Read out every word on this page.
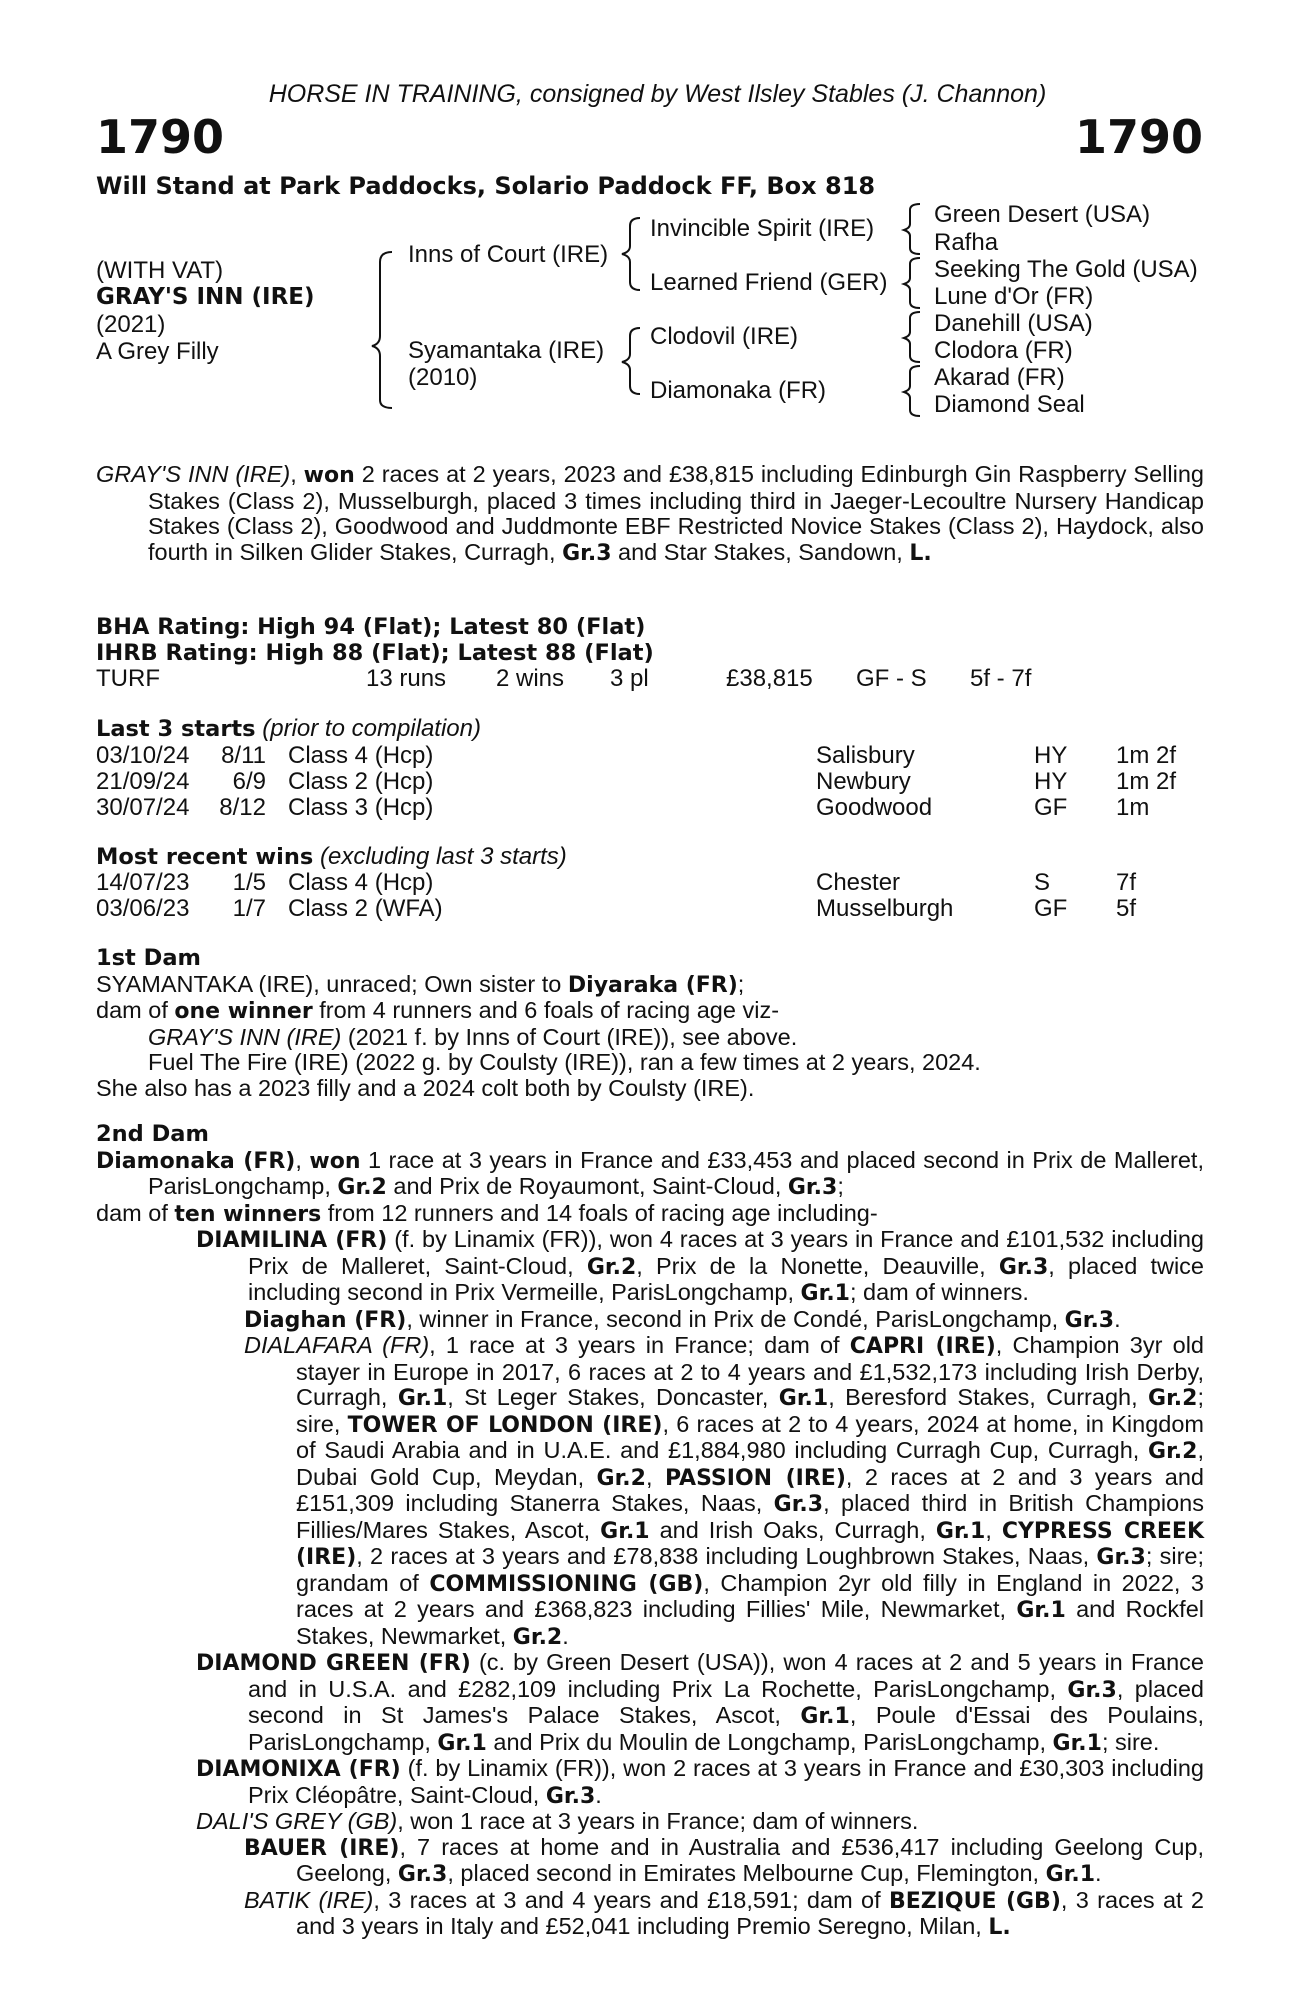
HORSE IN TRAINING, consigned by West Ilsley Stables (J. Channon)
1790	1790
Will Stand at Park Paddocks, Solario Paddock FF, Box 818
(WITH VAT)
GRAY'S INN (IRE)
(2021)
A Grey Filly
Inns of Court (IRE)
Syamantaka (IRE)
(2010)
Invincible Spirit (IRE)
Learned Friend (GER)
Clodovil (IRE)
Diamonaka (FR)
Green Desert (USA)
Rafha
Seeking The Gold (USA)
Lune d'Or (FR)
Danehill (USA)
Clodora (FR)
Akarad (FR)
Diamond Seal

GRAY'S INN (IRE), won 2 races at 2 years, 2023 and £38,815 including Edinburgh Gin Raspberry Selling Stakes (Class 2), Musselburgh, placed 3 times including third in Jaeger-Lecoultre Nursery Handicap Stakes (Class 2), Goodwood and Juddmonte EBF Restricted Novice Stakes (Class 2), Haydock, also fourth in Silken Glider Stakes, Curragh, Gr.3 and Star Stakes, Sandown, L.

BHA Rating: High 94 (Flat); Latest 80 (Flat)
IHRB Rating: High 88 (Flat); Latest 88 (Flat)
TURF	13 runs 2 wins 3 pl	£38,815 GF - S 5f - 7f
Last 3 starts (prior to compilation)
03/10/24 8/11 Class 4 (Hcp)	Salisbury	HY 1m 2f
21/09/24 6/9 Class 2 (Hcp)	Newbury	HY 1m 2f
30/07/24 8/12 Class 3 (Hcp)	Goodwood	GF 1m
Most recent wins (excluding last 3 starts)
14/07/23 1/5 Class 4 (Hcp)	Chester	S	7f
03/06/23 1/7 Class 2 (WFA)	Musselburgh	GF 5f
1st Dam
SYAMANTAKA (IRE), unraced; Own sister to Diyaraka (FR);
dam of one winner from 4 runners and 6 foals of racing age viz-
GRAY'S INN (IRE) (2021 f. by Inns of Court (IRE)), see above.
Fuel The Fire (IRE) (2022 g. by Coulsty (IRE)), ran a few times at 2 years, 2024.
She also has a 2023 filly and a 2024 colt both by Coulsty (IRE).
2nd Dam

Diamonaka (FR), won 1 race at 3 years in France and £33,453 and placed second in Prix de Malleret, ParisLongchamp, Gr.2 and Prix de Royaumont, Saint-Cloud, Gr.3;

dam of ten winners from 12 runners and 14 foals of racing age including-

DIAMILINA (FR) (f. by Linamix (FR)), won 4 races at 3 years in France and £101,532 including Prix de Malleret, Saint-Cloud, Gr.2, Prix de la Nonette, Deauville, Gr.3, placed twice including second in Prix Vermeille, ParisLongchamp, Gr.1; dam of winners.

Diaghan (FR), winner in France, second in Prix de Condé, ParisLongchamp, Gr.3.

DIALAFARA (FR), 1 race at 3 years in France; dam of CAPRI (IRE), Champion 3yr old stayer in Europe in 2017, 6 races at 2 to 4 years and £1,532,173 including Irish Derby, Curragh, Gr.1, St Leger Stakes, Doncaster, Gr.1, Beresford Stakes, Curragh, Gr.2; sire, TOWER OF LONDON (IRE), 6 races at 2 to 4 years, 2024 at home, in Kingdom of Saudi Arabia and in U.A.E. and £1,884,980 including Curragh Cup, Curragh, Gr.2, Dubai Gold Cup, Meydan, Gr.2, PASSION (IRE), 2 races at 2 and 3 years and £151,309 including Stanerra Stakes, Naas, Gr.3, placed third in British Champions Fillies/Mares Stakes, Ascot, Gr.1 and Irish Oaks, Curragh, Gr.1, CYPRESS CREEK (IRE), 2 races at 3 years and £78,838 including Loughbrown Stakes, Naas, Gr.3; sire; grandam of COMMISSIONING (GB), Champion 2yr old filly in England in 2022, 3 races at 2 years and £368,823 including Fillies' Mile, Newmarket, Gr.1 and Rockfel Stakes, Newmarket, Gr.2.

DIAMOND GREEN (FR) (c. by Green Desert (USA)), won 4 races at 2 and 5 years in France and in U.S.A. and £282,109 including Prix La Rochette, ParisLongchamp, Gr.3, placed second in St James's Palace Stakes, Ascot, Gr.1, Poule d'Essai des Poulains, ParisLongchamp, Gr.1 and Prix du Moulin de Longchamp, ParisLongchamp, Gr.1; sire.

DIAMONIXA (FR) (f. by Linamix (FR)), won 2 races at 3 years in France and £30,303 including Prix Cléopâtre, Saint-Cloud, Gr.3.

DALI'S GREY (GB), won 1 race at 3 years in France; dam of winners.

BAUER (IRE), 7 races at home and in Australia and £536,417 including Geelong Cup, Geelong, Gr.3, placed second in Emirates Melbourne Cup, Flemington, Gr.1.

BATIK (IRE), 3 races at 3 and 4 years and £18,591; dam of BEZIQUE (GB), 3 races at 2 and 3 years in Italy and £52,041 including Premio Seregno, Milan, L.
